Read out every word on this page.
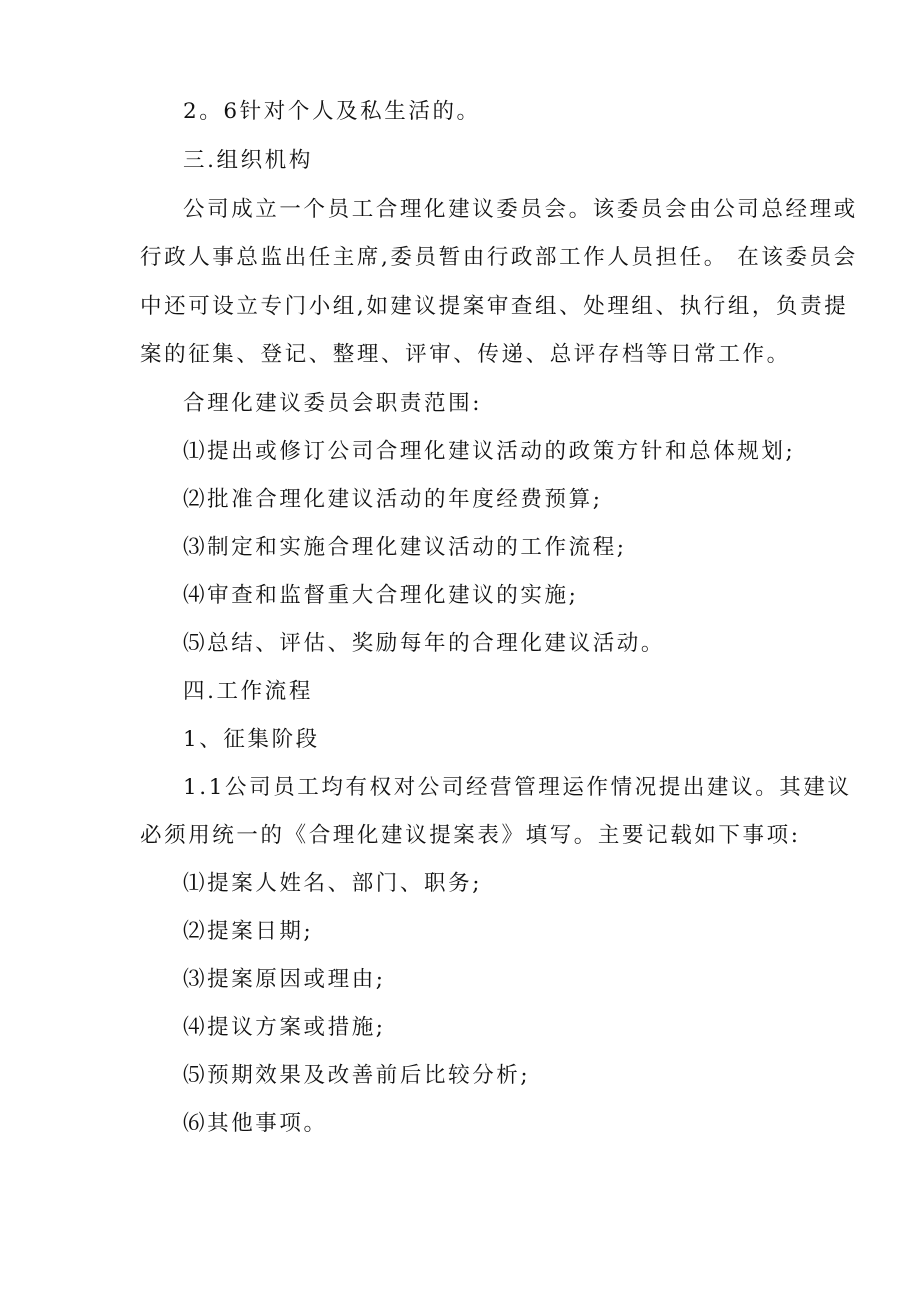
2。6针对个人及私生活的。
三.组织机构
公司成立一个员工合理化建议委员会。该委员会由公司总经理或
行政人事总监出任主席,委员暂由行政部工作人员担任。 在该委员会
中还可设立专门小组,如建议提案审查组、处理组、执行组，负责提
案的征集、登记、整理、评审、传递、总评存档等日常工作。
合理化建议委员会职责范围:
⑴提出或修订公司合理化建议活动的政策方针和总体规划;
⑵批准合理化建议活动的年度经费预算;
⑶制定和实施合理化建议活动的工作流程;
⑷审查和监督重大合理化建议的实施;
⑸总结、评估、奖励每年的合理化建议活动。
四.工作流程
1、征集阶段
1.1公司员工均有权对公司经营管理运作情况提出建议。其建议
必须用统一的《合理化建议提案表》填写。主要记载如下事项:
⑴提案人姓名、部门、职务;
⑵提案日期;
⑶提案原因或理由;
⑷提议方案或措施;
⑸预期效果及改善前后比较分析;
⑹其他事项。
